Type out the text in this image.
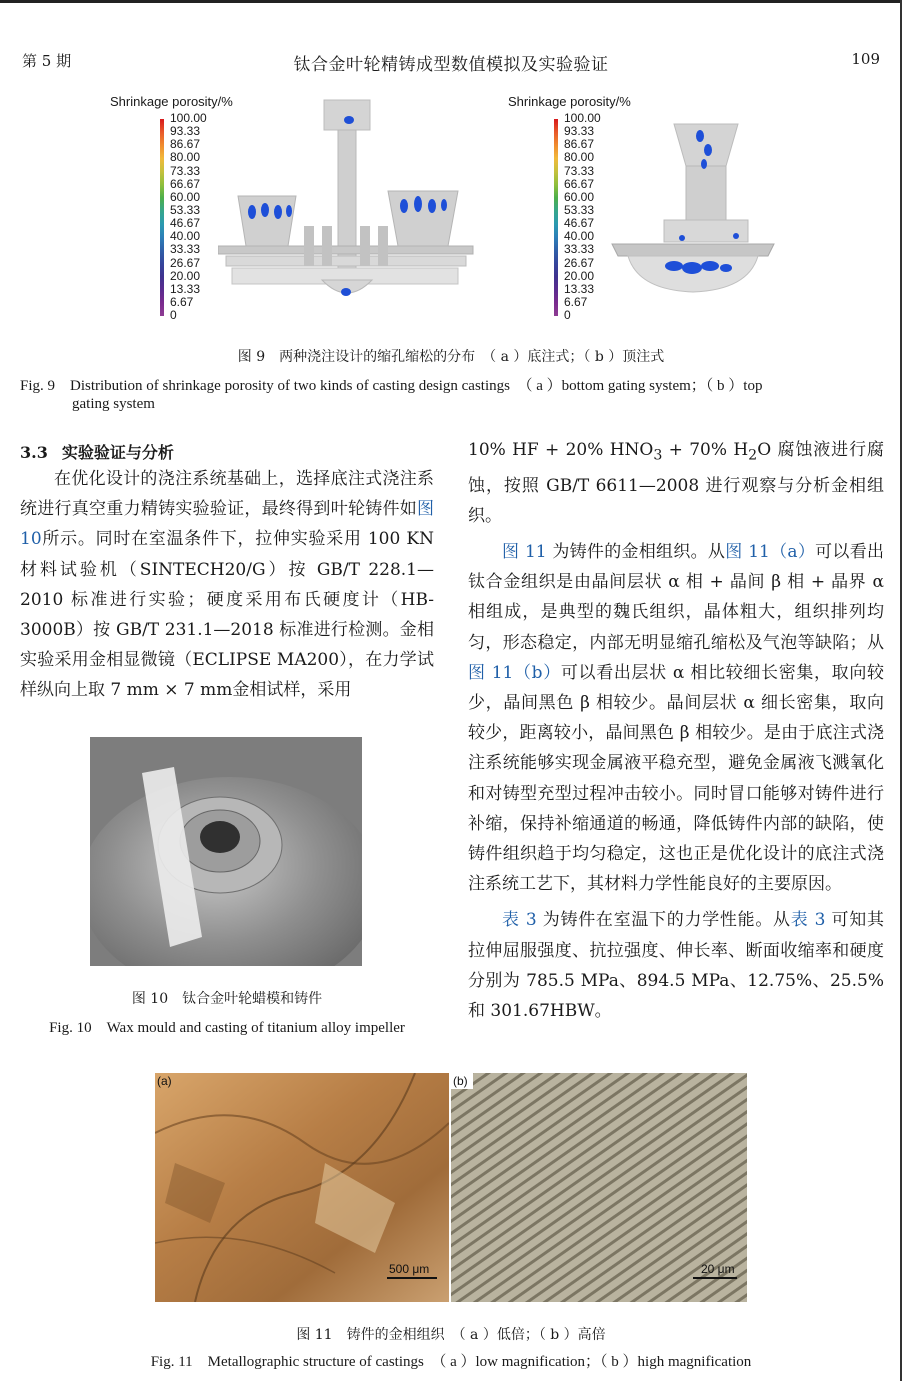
第 5 期	钛合金叶轮精铸成型数值模拟及实验验证	109
Shrinkage porosity/%
100.00
93.33
86.67
80.00
73.33
66.67
60.00
53.33
46.67
40.00
33.33
26.67
20.00
13.33
6.67
0
Shrinkage porosity/%
100.00
93.33
86.67
80.00
73.33
66.67
60.00
53.33
46.67
40.00
33.33
26.67
20.00
13.33
6.67
0
图 9　两种浇注设计的缩孔缩松的分布　（ a ）底注式；（ b ）顶注式
Fig. 9　Distribution of shrinkage porosity of two kinds of casting design castings　（ a ）bottom gating system；（ b ）top
gating system
3.3 实验验证与分析

在优化设计的浇注系统基础上，选择底注式浇注系统进行真空重力精铸实验验证，最终得到叶轮铸件如图 10所示。同时在室温条件下，拉伸实验采用 100 KN 材料试验机（SINTECH20/G）按 GB/T 228.1—2010 标准进行实验；硬度采用布氏硬度计（HB-3000B）按 GB/T 231.1—2018 标准进行检测。金相实验采用金相显微镜（ECLIPSE MA200），在力学试样纵向上取 7 mm × 7 mm金相试样，采用

图 10　钛合金叶轮蜡模和铸件
Fig. 10　Wax mould and casting of titanium alloy impeller

10% HF + 20% $HNO_3 + 70\%$ $H_2O$ 腐蚀液进行腐蚀，按照 GB/T 6611—2008 进行观察与分析金相组织。

图 11 为铸件的金相组织。从图 11（a）可以看出钛合金组织是由晶间层状 α 相 + 晶间 β 相 + 晶界 α 相组成，是典型的魏氏组织，晶体粗大，组织排列均匀，形态稳定，内部无明显缩孔缩松及气泡等缺陷；从图 11（b）可以看出层状 α 相比较细长密集，取向较少，晶间黑色 β 相较少。晶间层状 α 细长密集，取向较少，距离较小，晶间黑色 β 相较少。是由于底注式浇注系统能够实现金属液平稳充型，避免金属液飞溅氧化和对铸型充型过程冲击较小。同时冒口能够对铸件进行补缩，保持补缩通道的畅通，降低铸件内部的缺陷，使铸件组织趋于均匀稳定，这也正是优化设计的底注式浇注系统工艺下，其材料力学性能良好的主要原因。

表 3 为铸件在室温下的力学性能。从表 3 可知其拉伸屈服强度、抗拉强度、伸长率、断面收缩率和硬度分别为 785.5 MPa、894.5 MPa、12.75%、25.5% 和 301.67HBW。

500 μm
(a)
20 μm
(b)
图 11　铸件的金相组织　（ a ）低倍；（ b ）高倍
Fig. 11　Metallographic structure of castings　（ a ）low magnification；（ b ）high magnification
